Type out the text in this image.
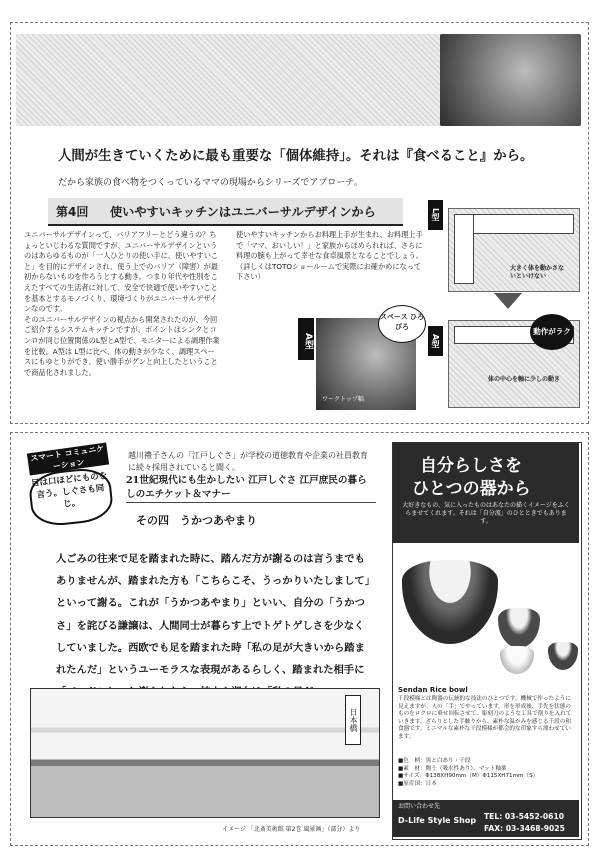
人間が生きていくために最も重要な「個体維持」。それは『食べること』から。

だから家族の食べ物をつくっているママの現場からシリーズでアプローチ。

第4回 使いやすいキッチンはユニバーサルデザインから

ユニバーサルデザインって、バリアフリーとどう違うの？ちょっといじわるな質問ですが、ユニバーサルデザインというのはあらゆるものが「一人ひとりの使い手に、使いやすいこと」を目的にデザインされ、使う上でのバリア（障害）が最初からないものを作ろうとする動き。つまり年代や性別をこえたすべての生活者に対して、安全で快適で使いやすいことを基本とするモノづくり、環境づくりがユニバーサルデザインなのです。

そのユニバーサルデザインの視点から開発されたのが、今回ご紹介するシステムキッチンですが、ポイントはシンクとコンロが同じ位置関係のL型とA型で、モニターによる調理作業を比較。A型は L型に比べ、体の動きが少なく、調理スペースにもゆとりができ、使い勝手がグンと向上したということで商品化されました。

使いやすいキッチンからお料理上手が生まれ、お料理上手で「ママ、おいしい！」と家族からほめられれば、さらに料理の腕も上がって幸せな食卓風景となることでしょう。

（詳しくはTOTOショールームで実際にお確かめになって下さい）

A型
スペース ひろびろ
ワークトップ幅
L型
大きく体を動かさないといけない
A型
動作がラク
体の中心を軸に少しの動き
スマート コミュニケーション
目は口ほどにものを言う。しぐさも同じ。

越川禮子さんの「江戸しぐさ」が学校の道徳教育や企業の社員教育に続々採用されていると聞く。

21世紀現代にも生かしたい 江戸しぐさ 江戸庶民の暮らしのエチケット＆マナー

その四　うかつあやまり

人ごみの往来で足を踏まれた時に、踏んだ方が謝るのは言うまでもありませんが、踏まれた方も「こちらこそ、うっかりいたしまして」といって謝る。これが「うかつあやまり」といい、自分の「うかつさ」を詫びる謙譲は、人間同士が暮らす上でトゲトゲしさを少なくしていました。西欧でも足を踏まれた時「私の足が大きいから踏まれたんだ」というユーモラスな表現があるらしく、踏まれた相手に

日本橋

イメージ 「北斎美術館 第2巻 風景画」（部分）より

自分らしさを

ひとつの器から

大好きなもの、気に入ったものはあなたの描くイメージをふくらませてくれます。それは「自分流」のひとときでもあります。

Sendan Rice bowl

千段模様とは陶器の伝統的な技法のひとつです。機械で作ったように見えますが、人の「手」でやっています。形を形成後、手先を状態のものをロクロに乗せ回転させて、彫刻刀のような工具で削りを入れていきます。ざらりとした手触りから、素朴な温かみを感じる千段の和食器です。ミニマルな素朴な千段模様が都会的な印象すら漂わせています。

■色　柄：黒と白あり・千段

■素　材：陶土（吸水性あり）、マット釉薬

■サイズ：Φ138XH90mm（M）Φ115XH71mm（S）

■原産国：日本

お問い合わせ先

D-Life Style Shop TEL: 03-5452-0610

FAX: 03-3468-9025
